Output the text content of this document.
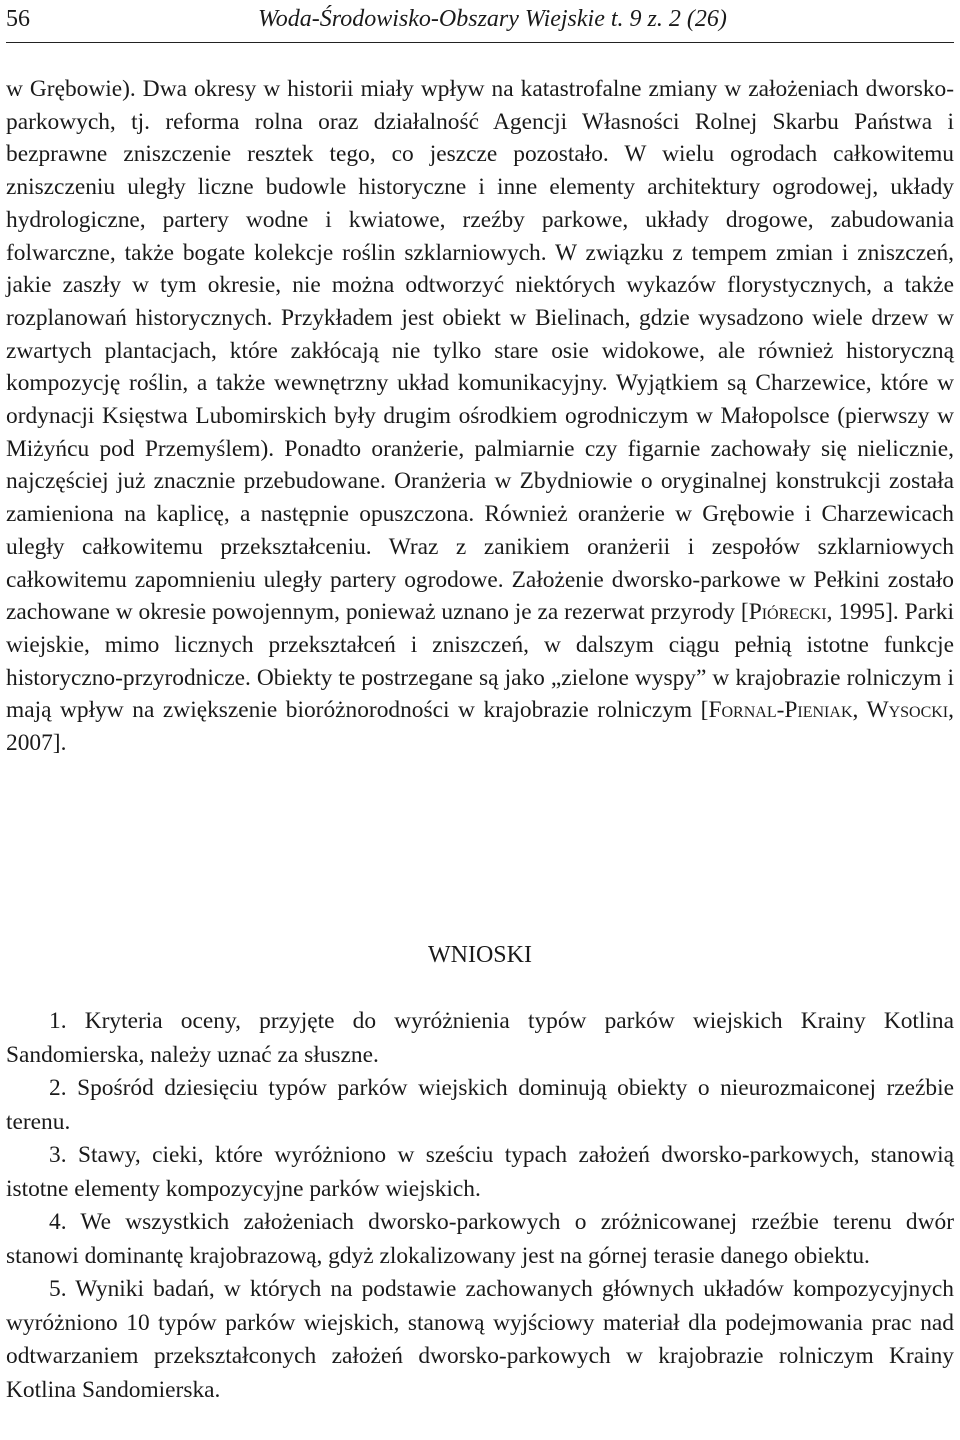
56	Woda-Środowisko-Obszary Wiejskie t. 9 z. 2 (26)

w Grębowie). Dwa okresy w historii miały wpływ na katastrofalne zmiany w założeniach dworsko-parkowych, tj. reforma rolna oraz działalność Agencji Własności Rolnej Skarbu Państwa i bezprawne zniszczenie resztek tego, co jeszcze pozostało. W wielu ogrodach całkowitemu zniszczeniu uległy liczne budowle historyczne i inne elementy architektury ogrodowej, układy hydrologiczne, partery wodne i kwiatowe, rzeźby parkowe, układy drogowe, zabudowania folwarczne, także bogate kolekcje roślin szklarniowych. W związku z tempem zmian i zniszczeń, jakie zaszły w tym okresie, nie można odtworzyć niektórych wykazów florystycznych, a także rozplanowań historycznych. Przykładem jest obiekt w Bielinach, gdzie wysadzono wiele drzew w zwartych plantacjach, które zakłócają nie tylko stare osie widokowe, ale również historyczną kompozycję roślin, a także wewnętrzny układ komunikacyjny. Wyjątkiem są Charzewice, które w ordynacji Księstwa Lubomirskich były drugim ośrodkiem ogrodniczym w Małopolsce (pierwszy w Miżyńcu pod Przemyślem). Ponadto oranżerie, palmiarnie czy figarnie zachowały się nielicznie, najczęściej już znacznie przebudowane. Oranżeria w Zbydniowie o oryginalnej konstrukcji została zamieniona na kaplicę, a następnie opuszczona. Również oranżerie w Grębowie i Charzewicach uległy całkowitemu przekształceniu. Wraz z zanikiem oranżerii i zespołów szklarniowych całkowitemu zapomnieniu uległy partery ogrodowe. Założenie dworsko-parkowe w Pełkini zostało zachowane w okresie powojennym, ponieważ uznano je za rezerwat przyrody [Piórecki, 1995]. Parki wiejskie, mimo licznych przekształceń i zniszczeń, w dalszym ciągu pełnią istotne funkcje historyczno-przyrodnicze. Obiekty te postrzegane są jako „zielone wyspy” w krajobrazie rolniczym i mają wpływ na zwiększenie bioróżnorodności w krajobrazie rolniczym [Fornal-Pieniak, Wysocki, 2007].

WNIOSKI

1. Kryteria oceny, przyjęte do wyróżnienia typów parków wiejskich Krainy Kotlina Sandomierska, należy uznać za słuszne.

2. Spośród dziesięciu typów parków wiejskich dominują obiekty o nieurozmaiconej rzeźbie terenu.

3. Stawy, cieki, które wyróżniono w sześciu typach założeń dworsko-parkowych, stanowią istotne elementy kompozycyjne parków wiejskich.

4. We wszystkich założeniach dworsko-parkowych o zróżnicowanej rzeźbie terenu dwór stanowi dominantę krajobrazową, gdyż zlokalizowany jest na górnej terasie danego obiektu.

5. Wyniki badań, w których na podstawie zachowanych głównych układów kompozycyjnych wyróżniono 10 typów parków wiejskich, stanową wyjściowy materiał dla podejmowania prac nad odtwarzaniem przekształconych założeń dworsko-parkowych w krajobrazie rolniczym Krainy Kotlina Sandomierska.
